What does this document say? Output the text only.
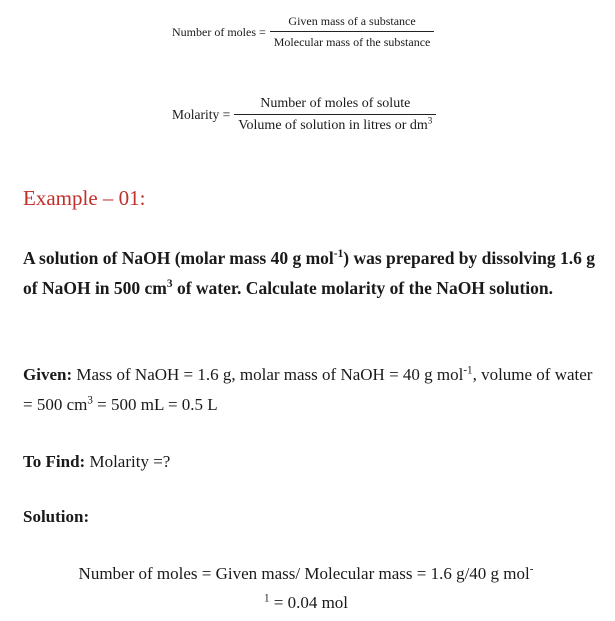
Number of moles = $\frac{\text{Given mass of a substance}}{\text{Molecular mass of the substance}}$
Molarity = $\frac{\text{Number of moles of solute}}{Volume of solution in litres or dm^3}$
Example – 01:
A solution of NaOH (molar mass 40 g mol$^{-1}$) was prepared by dissolving 1.6 g of NaOH in 500 $cm^3$ of water. Calculate molarity of the NaOH solution.
Given: Mass of NaOH = 1.6 g, molar mass of NaOH = 40 g mol$^{-1}$, volume of water = 500 $cm^3 = 500$ mL = 0.5 L
To Find: Molarity =?
Solution:
Number of moles = Given mass/ Molecular mass = 1.6 g/40 g mol-
$^1$ = 0.04 mol
